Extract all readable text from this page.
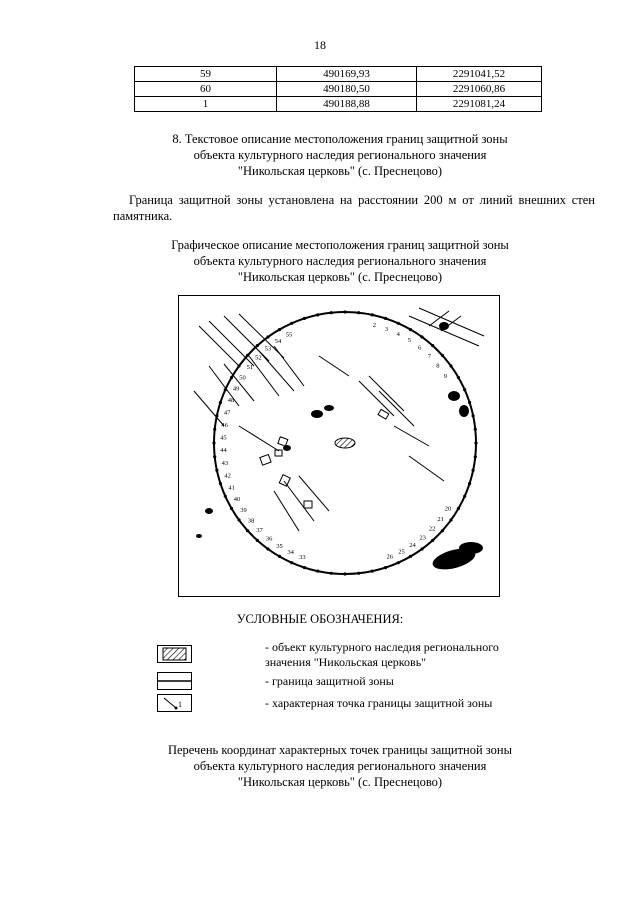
18
59	490169,93	2291041,52
60	490180,50	2291060,86
1	490188,88	2291081,24
8. Текстовое описание местоположения границ защитной зоны
объекта культурного наследия регионального значения
"Никольская церковь" (с. Преснецово)
Граница защитной зоны установлена на расстоянии 200 м от линий внешних стен
памятника.
Графическое описание местоположения границ защитной зоны
объекта культурного наследия регионального значения
"Никольская церковь" (с. Преснецово)
2
3
4
5
6
7
8
9
20
21
22
23
24
25
26
33
34
35
36
37
38
39
40
41
42
43
44
45
46
47
48
49
50
51
52
53
54
55
УСЛОВНЫЕ ОБОЗНАЧЕНИЯ:
- объект культурного наследия регионального
значения "Никольская церковь"
- граница защитной зоны
1	- характерная точка границы защитной зоны
Перечень координат характерных точек границы защитной зоны
объекта культурного наследия регионального значения
"Никольская церковь" (с. Преснецово)
